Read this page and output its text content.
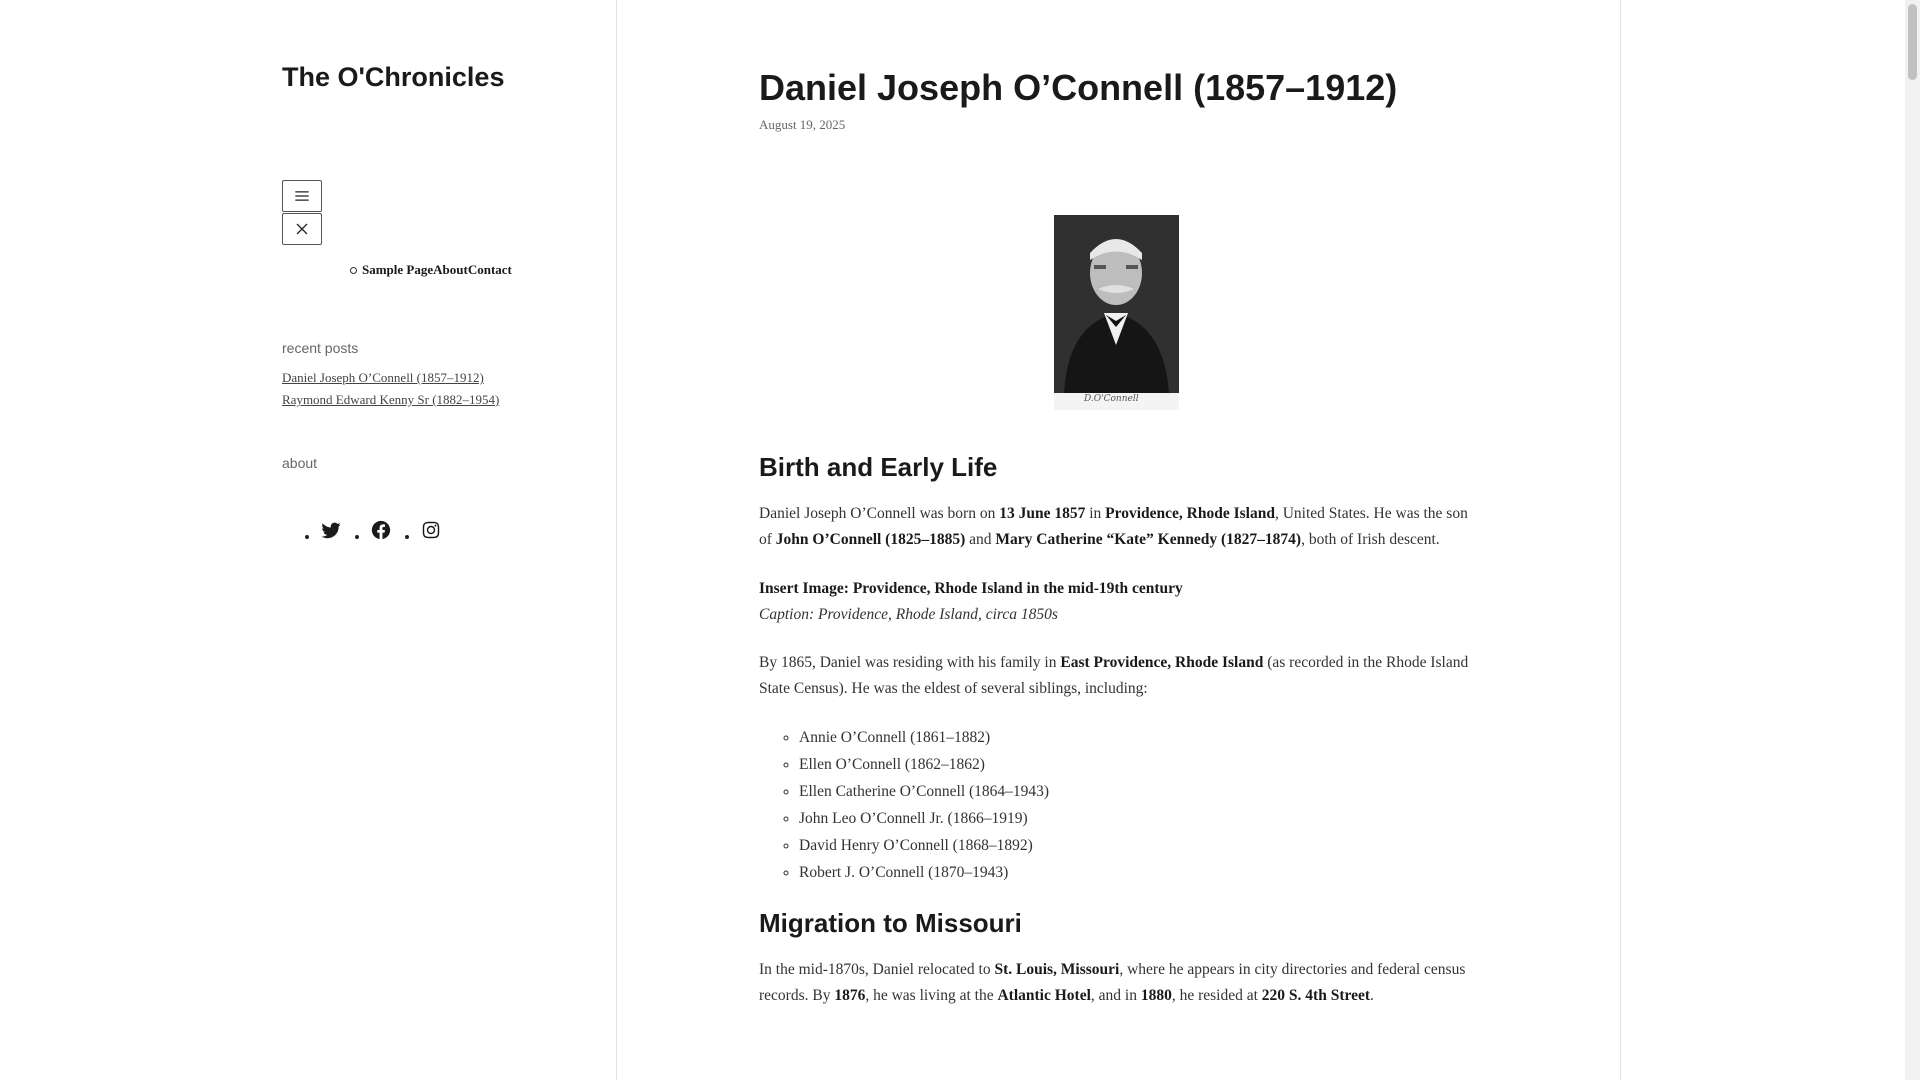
The O'Chronicles
Sample PageAboutContact
recent posts
Daniel Joseph O’Connell (1857–1912)
Raymond Edward Kenny Sr (1882–1954)
about
Daniel Joseph O’Connell (1857–1912)
August 19, 2025
D.O'Connell
Birth and Early Life

Daniel Joseph O’Connell was born on 13 June 1857 in Providence, Rhode Island, United States. He was the son of John O’Connell (1825–1885) and Mary Catherine “Kate” Kennedy (1827–1874), both of Irish descent.

Insert Image: Providence, Rhode Island in the mid-19th century
Caption: Providence, Rhode Island, circa 1850s

By 1865, Daniel was residing with his family in East Providence, Rhode Island (as recorded in the Rhode Island State Census). He was the eldest of several siblings, including:

◦ Annie O’Connell (1861–1882)
◦ Ellen O’Connell (1862–1862)
◦ Ellen Catherine O’Connell (1864–1943)
◦ John Leo O’Connell Jr. (1866–1919)
◦ David Henry O’Connell (1868–1892)
◦ Robert J. O’Connell (1870–1943)
Migration to Missouri

In the mid-1870s, Daniel relocated to St. Louis, Missouri, where he appears in city directories and federal census records. By 1876, he was living at the Atlantic Hotel, and in 1880, he resided at 220 S. 4th Street.
